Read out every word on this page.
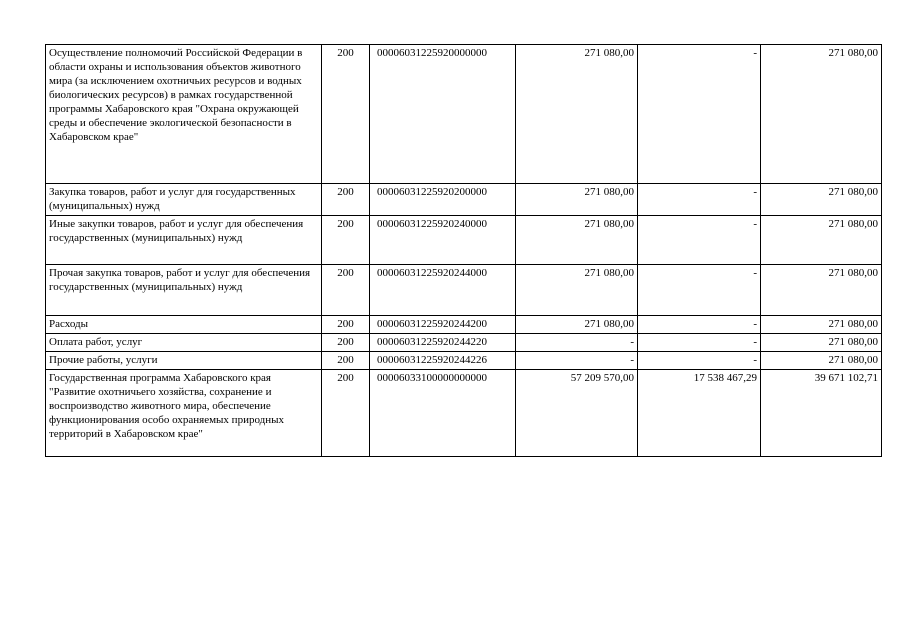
Осуществление полномочий Российской Федерации в области охраны и использования объектов животного мира (за исключением охотничьих ресурсов и водных биологических ресурсов) в рамках государственной программы Хабаровского края "Охрана окружающей среды и обеспечение экологической безопасности в Хабаровском крае"	200	00006031225920000000	271 080,00	-	271 080,00
Закупка товаров, работ и услуг для государственных (муниципальных) нужд	200	00006031225920200000	271 080,00	-	271 080,00
Иные закупки товаров, работ и услуг для обеспечения государственных (муниципальных) нужд	200	00006031225920240000	271 080,00	-	271 080,00
Прочая закупка товаров, работ и услуг для обеспечения государственных (муниципальных) нужд	200	00006031225920244000	271 080,00	-	271 080,00
Расходы	200	00006031225920244200	271 080,00	-	271 080,00
Оплата работ, услуг	200	00006031225920244220	-	-	271 080,00
Прочие работы, услуги	200	00006031225920244226	-	-	271 080,00
Государственная программа Хабаровского края "Развитие охотничьего хозяйства, сохранение и воспроизводство животного мира, обеспечение функционирования особо охраняемых природных территорий в Хабаровском крае"	200	00006033100000000000	57 209 570,00	17 538 467,29	39 671 102,71
